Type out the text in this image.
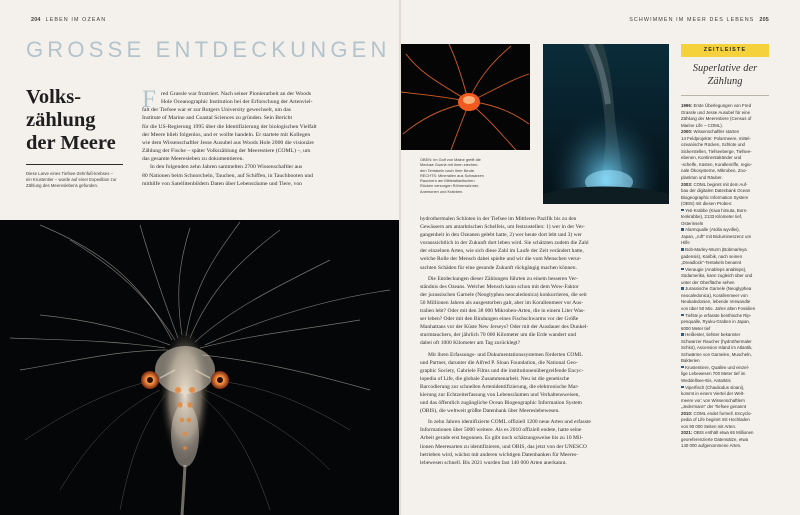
204 LEBEN IM OZEAN	SCHWIMMEN IM MEER DES LEBENS 205
GROSSE ENTDECKUNGEN
Volks-
zählung
der Meere
Diese Larve eines Tiefsee-Zehnfuß-krebses – ein Krustentier – wurde auf einer Expedition zur Zählung des Meereslebens gefunden.
F red Grassle war frustriert. Nach seiner Pionierarbeit an der Woods
Hole Oceanographic Institution bei der Erforschung der Artenviel-
falt der Tiefsee war er zur Rutgers University gewechselt, um das
Institute of Marine and Coastal Sciences zu gründen. Sein Bericht
für die US-Regierung 1995 über die Identifizierung der biologischen Vielfalt
der Meere blieb folgenlos, und er wollte handeln. Er startete mit Kollegen
wie dem Wissenschaftler Jesse Ausubel aus Woods Hole 2000 die visionäre
Zählung der Fische – später Volkszählung der Meerestiere (COML) –, um
das gesamte Meeresleben zu dokumentieren.
In den folgenden zehn Jahren sammelten 2700 Wissenschaftler aus
80 Nationen beim Schnorcheln, Tauchen, auf Schiffen, in Tauchbooten und
mithilfe von Satellitenbildern Daten über Lebensräume und Tiere, von
OBEN: Im Golf von Maine greift die
Meduse Gueria mit ihren stechen-
den Tentakeln nach Ihrer Beute.
RECHTS: Mineralien aus Schwarzen
Rauchern am Mittelatlantischen
Rücken versorgen Röhrenwürmer,
Anemonen und Krabben.
hydrothermalen Schloten in der Tiefsee im Mittleren Pazifik bis zu den
Gewässern am antarktischen Schelfeis, um festzustellen: 1) wer in der Ver-
gangenheit in den Ozeanen gelebt hatte, 2) wer heute dort lebt und 3) wer
voraussichtlich in der Zukunft dort leben wird. Sie schätzten zudem die Zahl
der einzelnen Arten, wie sich diese Zahl im Laufe der Zeit verändert hatte,
welche Rolle der Mensch dabei spielte und wir die vom Menschen verur-
sachten Schäden für eine gesunde Zukunft rückgängig machen können.
Die Entdeckungen dieser Zählungen führten zu einem besseren Ver-
ständnis des Ozeans. Welcher Mensch kann schon mit dem Wow-Faktor
der jurassischen Garnele (Neoglyphea neocaledonica) konkurrieren, die seit
50 Millionen Jahren als ausgestorben galt, aber im Korallenmeer vor Aus-
tralien lebt? Oder mit den 38 000 Mikroben-Arten, die in einem Liter Was-
ser leben? Oder mit den Bindungen eines Fischschwarms vor der Größe
Manhattans vor der Küste New Jerseys? Oder mit der Ausdauer des Dunkel-
sturmtauchers, der jährlich 70 000 Kilometer um die Erde wandert und
dabei oft 1000 Kilometer am Tag zurücklegt?
Mit ihren Erfassungs- und Dokumentationssystemen förderten COML
und Partner, darunter die Alfred P. Sloan Foundation, die National Geo-
graphic Society, Gabriele Films und die institutionenübergreifende Encyc-
lopedia of Life, die globale Zusammenarbeit. Neu ist die genetische
Barcodierung zur schnellen Artenidentifizierung, die elektronische Mar-
kierung zur Echtzeiterfassung von Lebensräumen und Verhaltensweisen,
und das öffentlich zugängliche Ocean Biogeographic Information System
(OBIS), die weltweit größte Datenbank über Meereslebewesen.
In zehn Jahren identifizierte COML offiziell 1200 neue Arten und erfasste
Informationen über 5000 weitere. Als es 2010 offiziell endete, hatte seine
Arbeit gerade erst begonnen. Es gibt noch schätzungsweise bis zu 10 Mil-
lionen Meeresarten zu identifizieren, und OBIS, das jetzt von der UNESCO
betrieben wird, wächst mit anderen wichtigen Datenbanken für Meeres-
lebewesen schnell. Bis 2021 wurden fast 140 000 Arten anerkannt.
ZEITLEISTE
Superlative der Zählung
1996: Erste Überlegungen von Fred
Grassle und Jesse Ausubel für eine
Zählung der Meerestiere (Census of
Marine Life – COML).
2000: Wissenschaftler starten
14 Feldprojekte: Polarmeere, mittel-
ozeanische Rücken, Schlote und
Sickerstellen, Tiefseeberge, Tiefsee-
ebenen, Kontinentalränder und
-schelfe, Küsten, Korallenriffe, regio-
nale Ökosysteme, Mikroben, Zoo-
plankton und Räuber.
2003: COML beginnt mit dem Auf-
bau der digitalen Datenbank Ocean
Biogeographic Information System
(OBIS) mit diesen Proben:
Yeti-Krabbe (Kiwa hirsuta, Bors-
tenkrabbe), 2133 Kilometer tief,
Osterinseln
Alarmqualle (Atolla wyvillei),
Japan, „ruft" mit Biolumineszenz um
Hilfe
Bob-Marley-Wurm (Bobmarleya
gadensis), Karibik, nach seinen
„Dreadlock"-Tentakeln benannt
Vieraugie (Anableps anableps),
Südamerika, kann zugleich über und
unter der Oberfläche sehen
Jurassische Garnele (Neoglyphea
neocaledonica), Korallenmeer von
Neukaledonien, lebende Verwandte
von über 50 Mio. Jahre alten Fossilien
Tiefste je erfasste benthische Rip-
penqualle, Ryuku-Graben in Japan,
6000 Meter tief
Heißester, tiefster bekannter
Schwarzer Raucher (hydrothermaler
Schlot), Ascension Island im Atlantik,
Schwärme von Garnelen, Muscheln,
Bakterien
Krustentiere, Quallen und einzel-
lige Lebewesen 700 Meter tief im
Weddellsee-Eis, Antarktis
Viperfisch (Chauliodus sloani),
kommt in einem Viertel der Welt-
meere vor; von Wissenschaftlern
„Jedermann" der Tiefsee genannt
2010: COML endet formell. Encyclo-
pedia of Life beginnt mit Hochladen
von 90 000 Seiten mit Arten.
2021: OBIS enthält etwa 65 Millionen
georeferenzierte Datensätze, etwa
140 000 aufgenommene Arten.
